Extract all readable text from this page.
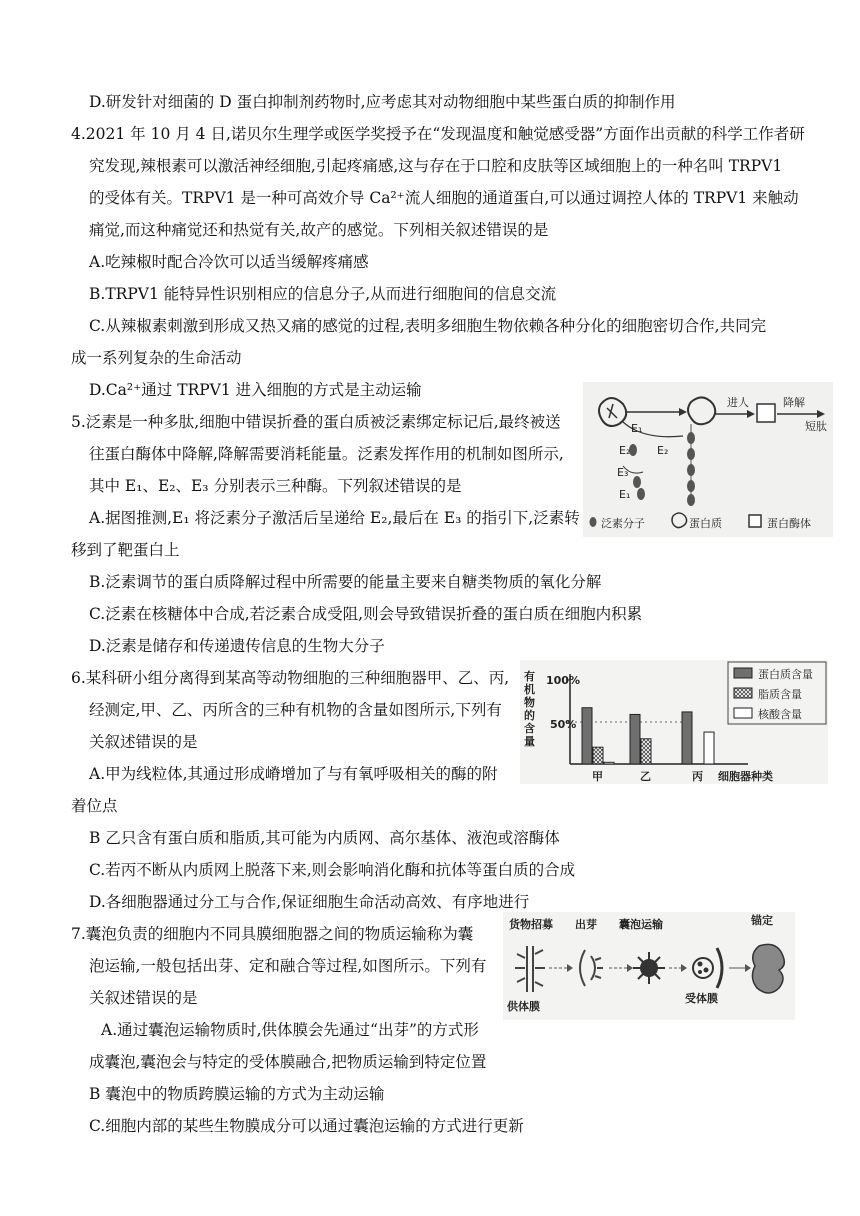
D.研发针对细菌的 D 蛋白抑制剂药物时,应考虑其对动物细胞中某些蛋白质的抑制作用
4.2021 年 10 月 4 日,诺贝尔生理学或医学奖授予在“发现温度和触觉感受器”方面作出贡献的科学工作者研
究发现,辣根素可以激活神经细胞,引起疼痛感,这与存在于口腔和皮肤等区域细胞上的一种名叫 TRPV1
的受体有关。TRPV1 是一种可高效介导 Ca²⁺流人细胞的通道蛋白,可以通过调控人体的 TRPV1 来触动
痛觉,而这种痛觉还和热觉有关,故产的感觉。下列相关叙述错误的是
A.吃辣椒时配合冷饮可以适当缓解疼痛感
B.TRPV1 能特异性识别相应的信息分子,从而进行细胞间的信息交流
C.从辣椒素刺激到形成又热又痛的感觉的过程,表明多细胞生物依赖各种分化的细胞密切合作,共同完
成一系列复杂的生命活动
D.Ca²⁺通过 TRPV1 进入细胞的方式是主动运输
5.泛素是一种多肽,细胞中错误折叠的蛋白质被泛素绑定标记后,最终被送
往蛋白酶体中降解,降解需要消耗能量。泛素发挥作用的机制如图所示,
其中 E₁、E₂、E₃ 分别表示三种酶。下列叙述错误的是
A.据图推测,E₁ 将泛素分子激活后呈递给 E₂,最后在 E₃ 的指引下,泛素转
移到了靶蛋白上
B.泛素调节的蛋白质降解过程中所需要的能量主要来自糖类物质的氧化分解
C.泛素在核糖体中合成,若泛素合成受阻,则会导致错误折叠的蛋白质在细胞内积累
D.泛素是储存和传递遗传信息的生物大分子
6.某科研小组分离得到某高等动物细胞的三种细胞器甲、乙、丙,
经测定,甲、乙、丙所含的三种有机物的含量如图所示,下列有
关叙述错误的是
A.甲为线粒体,其通过形成嵴增加了与有氧呼吸相关的酶的附
着位点
B 乙只含有蛋白质和脂质,其可能为内质网、高尔基体、液泡或溶酶体
C.若丙不断从内质网上脱落下来,则会影响消化酶和抗体等蛋白质的合成
D.各细胞器通过分工与合作,保证细胞生命活动高效、有序地进行
7.囊泡负责的细胞内不同具膜细胞器之间的物质运输称为囊
泡运输,一般包括出芽、定和融合等过程,如图所示。下列有
关叙述错误的是
A.通过囊泡运输物质时,供体膜会先通过“出芽”的方式形
成囊泡,囊泡会与特定的受体膜融合,把物质运输到特定位置
B 囊泡中的物质跨膜运输的方式为主动运输
C.细胞内部的某些生物膜成分可以通过囊泡运输的方式进行更新
E₁
E₂ E₂
E₃
E₁
进人	降解
短肽
泛素分子	蛋白质	蛋白酶体
有机物的含量
100%
50%
甲	乙	丙 细胞器种类
蛋白质含量
脂质含量
核酸含量
货物招募 出芽 囊泡运输	锚定
供体膜
受体膜
